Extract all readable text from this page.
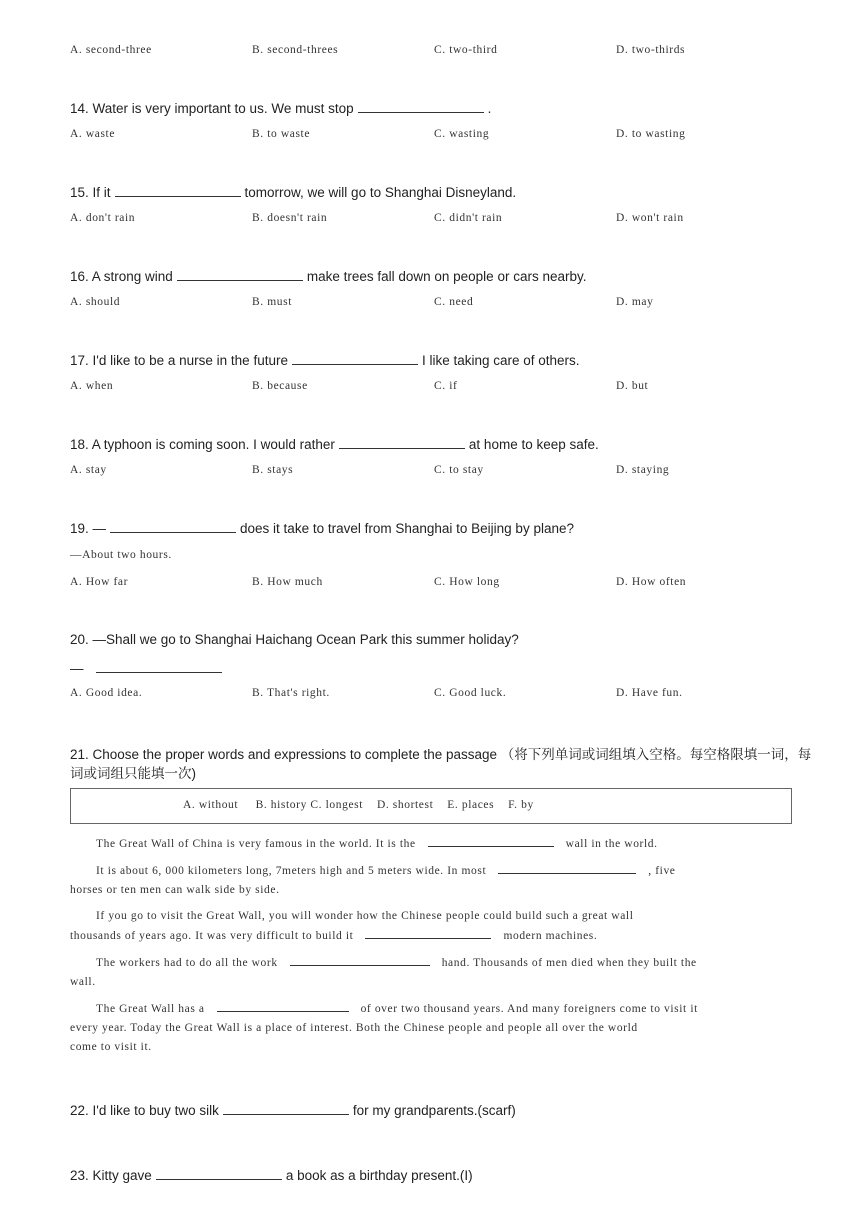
A. second-three	B. second-threes	C. two-third	D. two-thirds
14. Water is very important to us. We must stop	.
A. waste	B. to waste	C. wasting	D. to wasting
15. If it	tomorrow, we will go to Shanghai Disneyland.
A. don't rain	B. doesn't rain	C. didn't rain	D. won't rain
16. A strong wind	make trees fall down on people or cars nearby.
A. should	B. must	C. need	D. may
17. I'd like to be a nurse in the future	I like taking care of others.
A. when	B. because	C. if	D. but
18. A typhoon is coming soon. I would rather	at home to keep safe.
A. stay	B. stays	C. to stay	D. staying
19. —	does it take to travel from Shanghai to Beijing by plane?
—About two hours.
A. How far	B. How much	C. How long	D. How often
20. —Shall we go to Shanghai Haichang Ocean Park this summer holiday?
—
A. Good idea.	B. That's right.	C. Good luck.	D. Have fun.
21. Choose the proper words and expressions to complete the passage （将下列单词或词组填入空格。每空格限填一词，每
词或词组只能填一次)
A. without     B. history C. longest    D. shortest    E. places    F. by
The Great Wall of China is very famous in the world. It is the	wall in the world.
It is about 6, 000 kilometers long, 7meters high and 5 meters wide. In most	, five
horses or ten men can walk side by side.
If you go to visit the Great Wall, you will wonder how the Chinese people could build such a great wall
thousands of years ago. It was very difficult to build it	modern machines.
The workers had to do all the work	hand. Thousands of men died when they built the
wall.
The Great Wall has a	of over two thousand years. And many foreigners come to visit it
every year. Today the Great Wall is a place of interest. Both the Chinese people and people all over the world
come to visit it.
22. I'd like to buy two silk	for my grandparents.(scarf)
23. Kitty gave	a book as a birthday present.(I)
